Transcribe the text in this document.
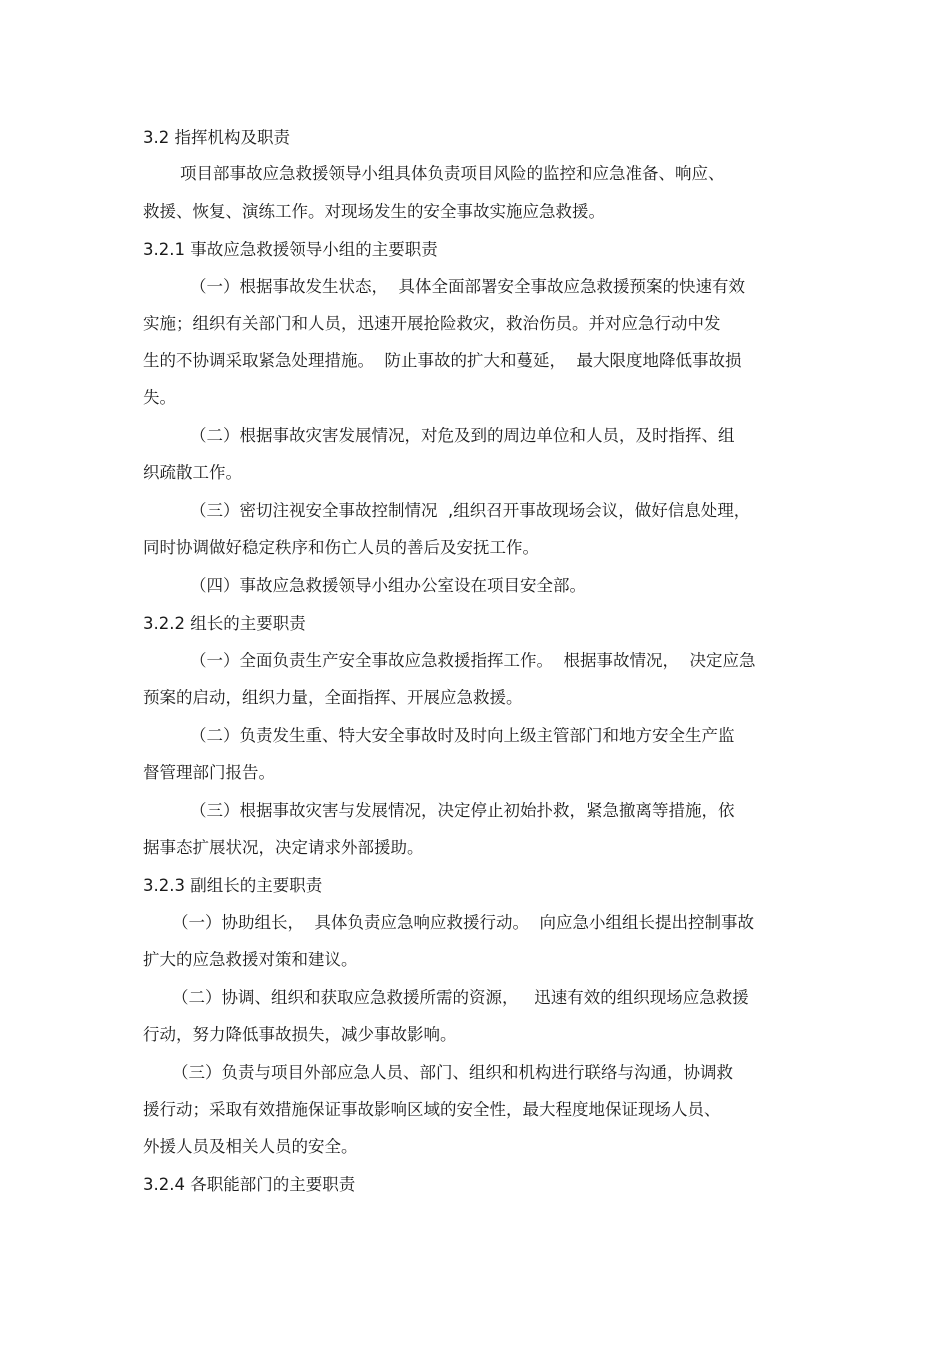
3.2 指挥机构及职责

项目部事故应急救援领导小组具体负责项目风险的监控和应急准备、响应、

救援、恢复、演练工作。对现场发生的安全事故实施应急救援。

3.2.1 事故应急救援领导小组的主要职责

（一）根据事故发生状态，  具体全面部署安全事故应急救援预案的快速有效

实施；组织有关部门和人员，迅速开展抢险救灾，救治伤员。并对应急行动中发

生的不协调采取紧急处理措施。  防止事故的扩大和蔓延，  最大限度地降低事故损

失。

（二）根据事故灾害发展情况，对危及到的周边单位和人员，及时指挥、组

织疏散工作。

（三）密切注视安全事故控制情况  ,组织召开事故现场会议，做好信息处理，

同时协调做好稳定秩序和伤亡人员的善后及安抚工作。

（四）事故应急救援领导小组办公室设在项目安全部。

3.2.2 组长的主要职责

（一）全面负责生产安全事故应急救援指挥工作。  根据事故情况，  决定应急

预案的启动，组织力量，全面指挥、开展应急救援。

（二）负责发生重、特大安全事故时及时向上级主管部门和地方安全生产监

督管理部门报告。

（三）根据事故灾害与发展情况，决定停止初始扑救，紧急撤离等措施，依

据事态扩展状况，决定请求外部援助。

3.2.3 副组长的主要职责

（一）协助组长，  具体负责应急响应救援行动。  向应急小组组长提出控制事故

扩大的应急救援对策和建议。

（二）协调、组织和获取应急救援所需的资源，   迅速有效的组织现场应急救援

行动，努力降低事故损失，减少事故影响。

（三）负责与项目外部应急人员、部门、组织和机构进行联络与沟通，协调救

援行动；采取有效措施保证事故影响区域的安全性，最大程度地保证现场人员、

外援人员及相关人员的安全。

3.2.4 各职能部门的主要职责
